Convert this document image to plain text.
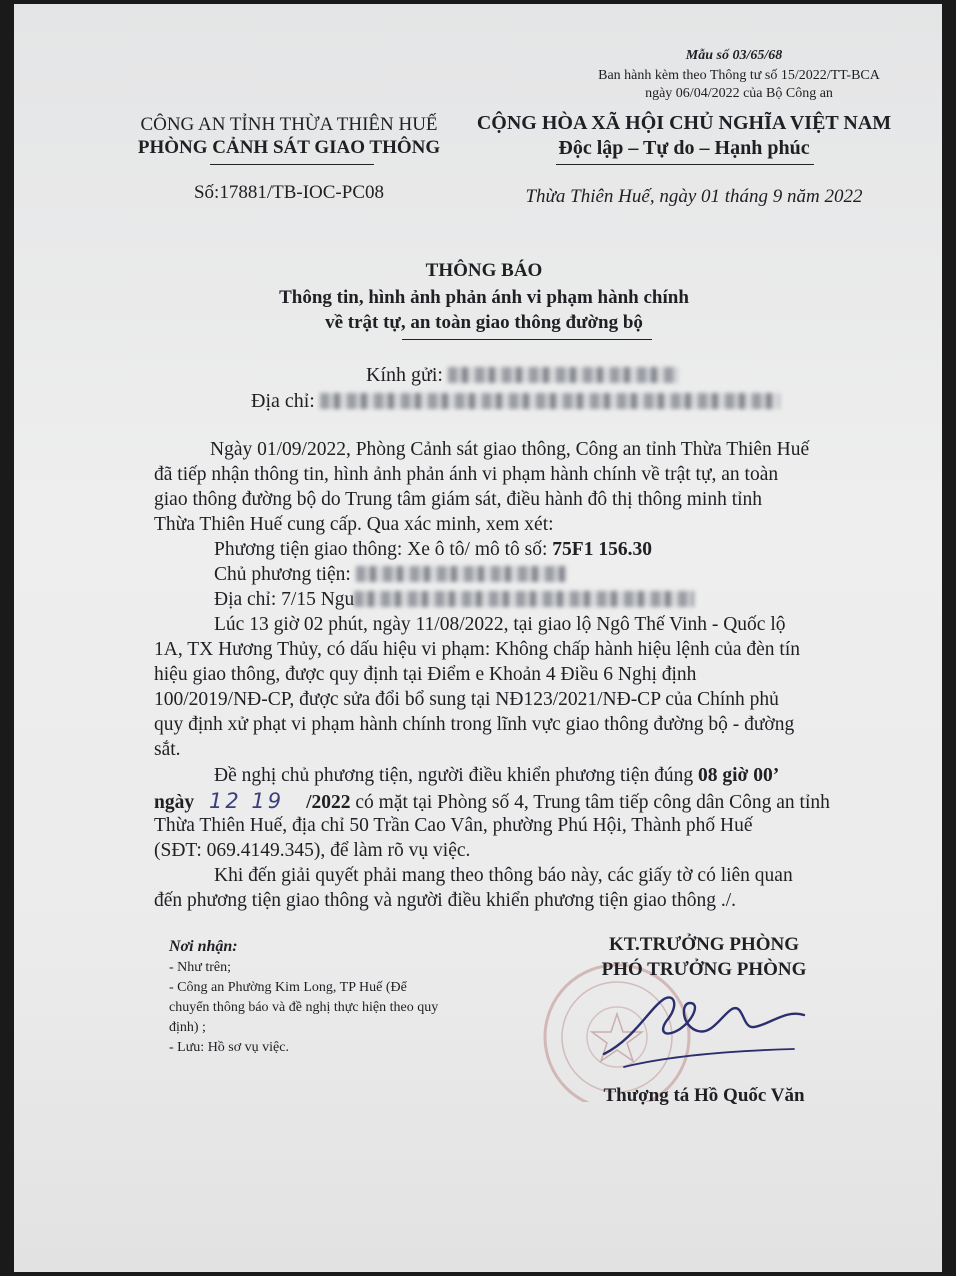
Mẫu số 03/65/68
Ban hành kèm theo Thông tư số 15/2022/TT-BCA
ngày 06/04/2022 của Bộ Công an
CÔNG AN TỈNH THỪA THIÊN HUẾ
PHÒNG CẢNH SÁT GIAO THÔNG
Số:17881/TB-IOC-PC08
CỘNG HÒA XÃ HỘI CHỦ NGHĨA VIỆT NAM
Độc lập – Tự do – Hạnh phúc
Thừa Thiên Huế, ngày 01 tháng 9 năm 2022
THÔNG BÁO
Thông tin, hình ảnh phản ánh vi phạm hành chính
về trật tự, an toàn giao thông đường bộ
Kính gửi:
Địa chỉ:
Ngày 01/09/2022, Phòng Cảnh sát giao thông, Công an tỉnh Thừa Thiên Huế
đã tiếp nhận thông tin, hình ảnh phản ánh vi phạm hành chính về trật tự, an toàn
giao thông đường bộ do Trung tâm giám sát, điều hành đô thị thông minh tỉnh
Thừa Thiên Huế cung cấp. Qua xác minh, xem xét:
Phương tiện giao thông: Xe ô tô/ mô tô số: 75F1 156.30
Chủ phương tiện:
Địa chỉ: 7/15 Ngu
Lúc 13 giờ 02 phút, ngày 11/08/2022, tại giao lộ Ngô Thế Vinh - Quốc lộ
1A, TX Hương Thủy, có dấu hiệu vi phạm: Không chấp hành hiệu lệnh của đèn tín
hiệu giao thông, được quy định tại Điểm e Khoản 4 Điều 6 Nghị định
100/2019/NĐ-CP, được sửa đổi bổ sung tại NĐ123/2021/NĐ-CP của Chính phủ
quy định xử phạt vi phạm hành chính trong lĩnh vực giao thông đường bộ - đường
sắt.
Đề nghị chủ phương tiện, người điều khiển phương tiện đúng 08 giờ 00’
ngày 12 19 /2022 có mặt tại Phòng số 4, Trung tâm tiếp công dân Công an tỉnh
Thừa Thiên Huế, địa chỉ 50 Trần Cao Vân, phường Phú Hội, Thành phố Huế
(SĐT: 069.4149.345), để làm rõ vụ việc.
Khi đến giải quyết phải mang theo thông báo này, các giấy tờ có liên quan
đến phương tiện giao thông và người điều khiển phương tiện giao thông ./.
Nơi nhận:
- Như trên;
- Công an Phường Kim Long, TP Huế (Để
chuyển thông báo và đề nghị thực hiện theo quy
định) ;
- Lưu: Hồ sơ vụ việc.
KT.TRƯỞNG PHÒNG
PHÓ TRƯỞNG PHÒNG
Thượng tá Hồ Quốc Văn
